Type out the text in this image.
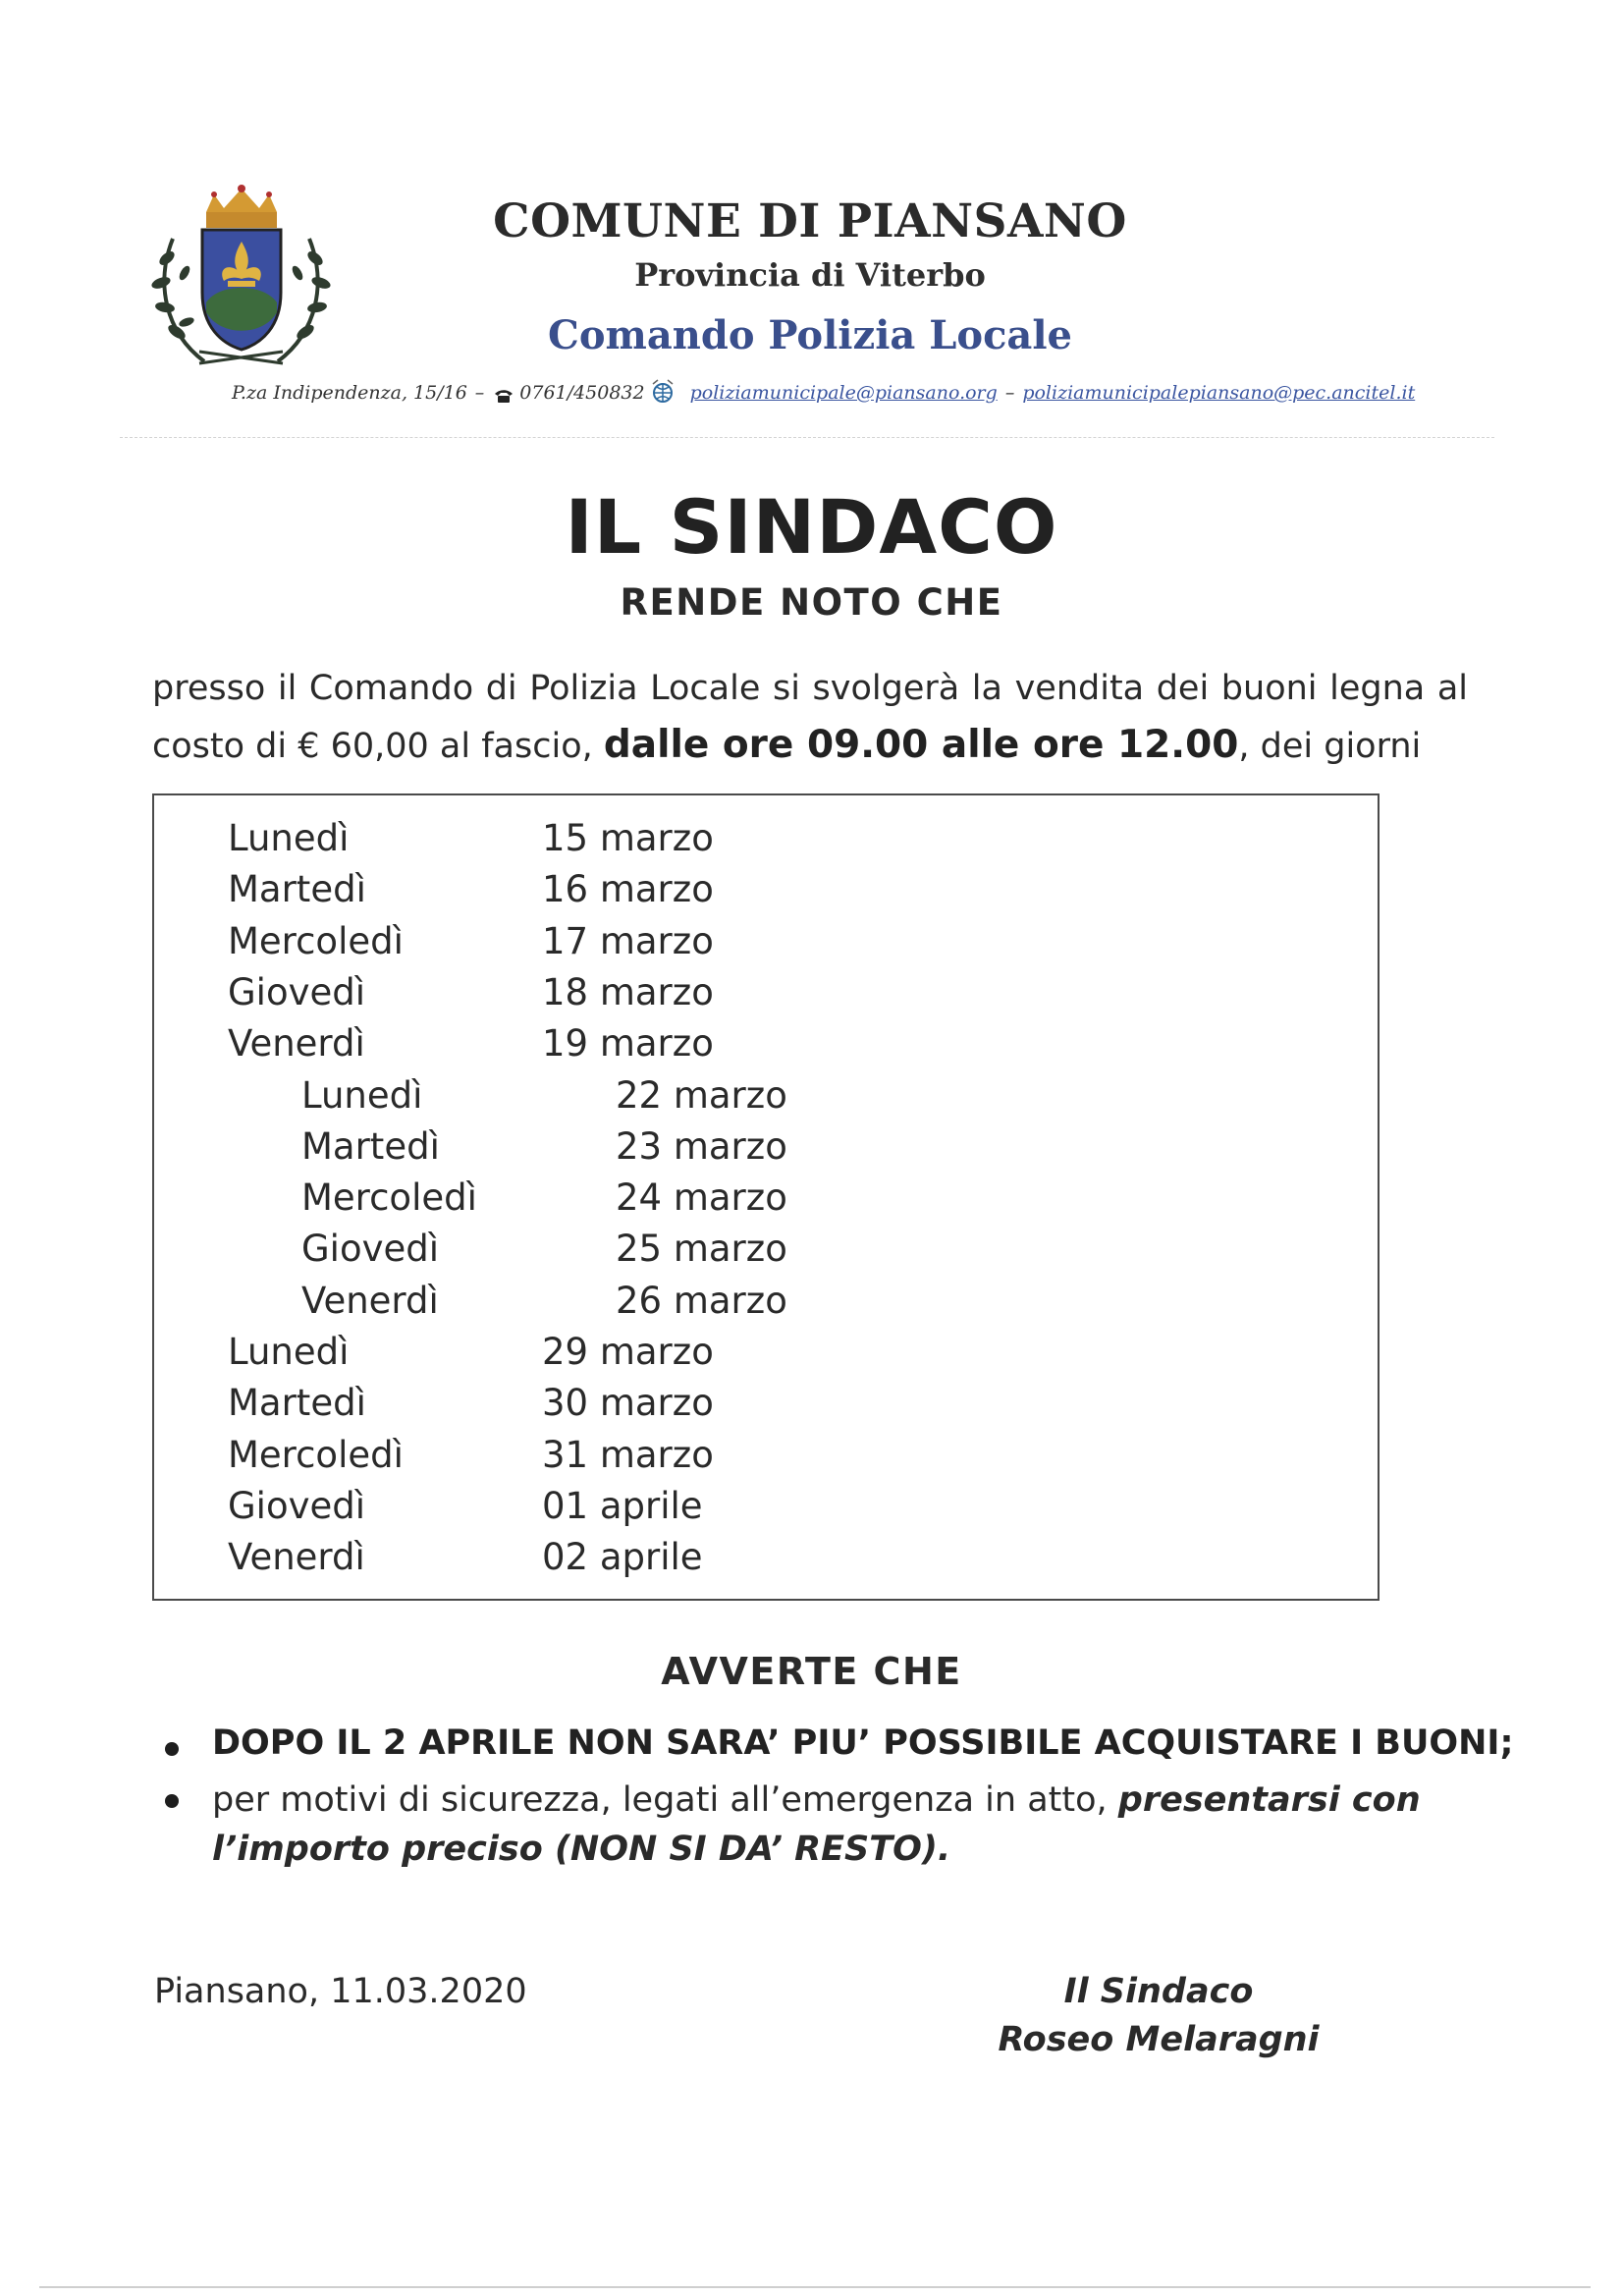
COMUNE DI PIANSANO
Provincia di Viterbo
Comando Polizia Locale
P.za Indipendenza, 15/16 – 0761/450832 poliziamunicipale@piansano.org – poliziamunicipalepiansano@pec.ancitel.it
IL SINDACO
RENDE NOTO CHE
presso il Comando di Polizia Locale si svolgerà la vendita dei buoni legna al costo di € 60,00 al fascio, dalle ore 09.00 alle ore 12.00, dei giorni
Lunedì	15 marzo
Martedì	16 marzo
Mercoledì	17 marzo
Giovedì	18 marzo
Venerdì	19 marzo
Lunedì	22 marzo
Martedì	23 marzo
Mercoledì	24 marzo
Giovedì	25 marzo
Venerdì	26 marzo
Lunedì	29 marzo
Martedì	30 marzo
Mercoledì	31 marzo
Giovedì	01 aprile
Venerdì	02 aprile
AVVERTE CHE
DOPO IL 2 APRILE NON SARA’ PIU’ POSSIBILE ACQUISTARE I BUONI;
per motivi di sicurezza, legati all’emergenza in atto, presentarsi con l’importo preciso (NON SI DA’ RESTO).
Piansano, 11.03.2020	Il Sindaco
Roseo Melaragni
